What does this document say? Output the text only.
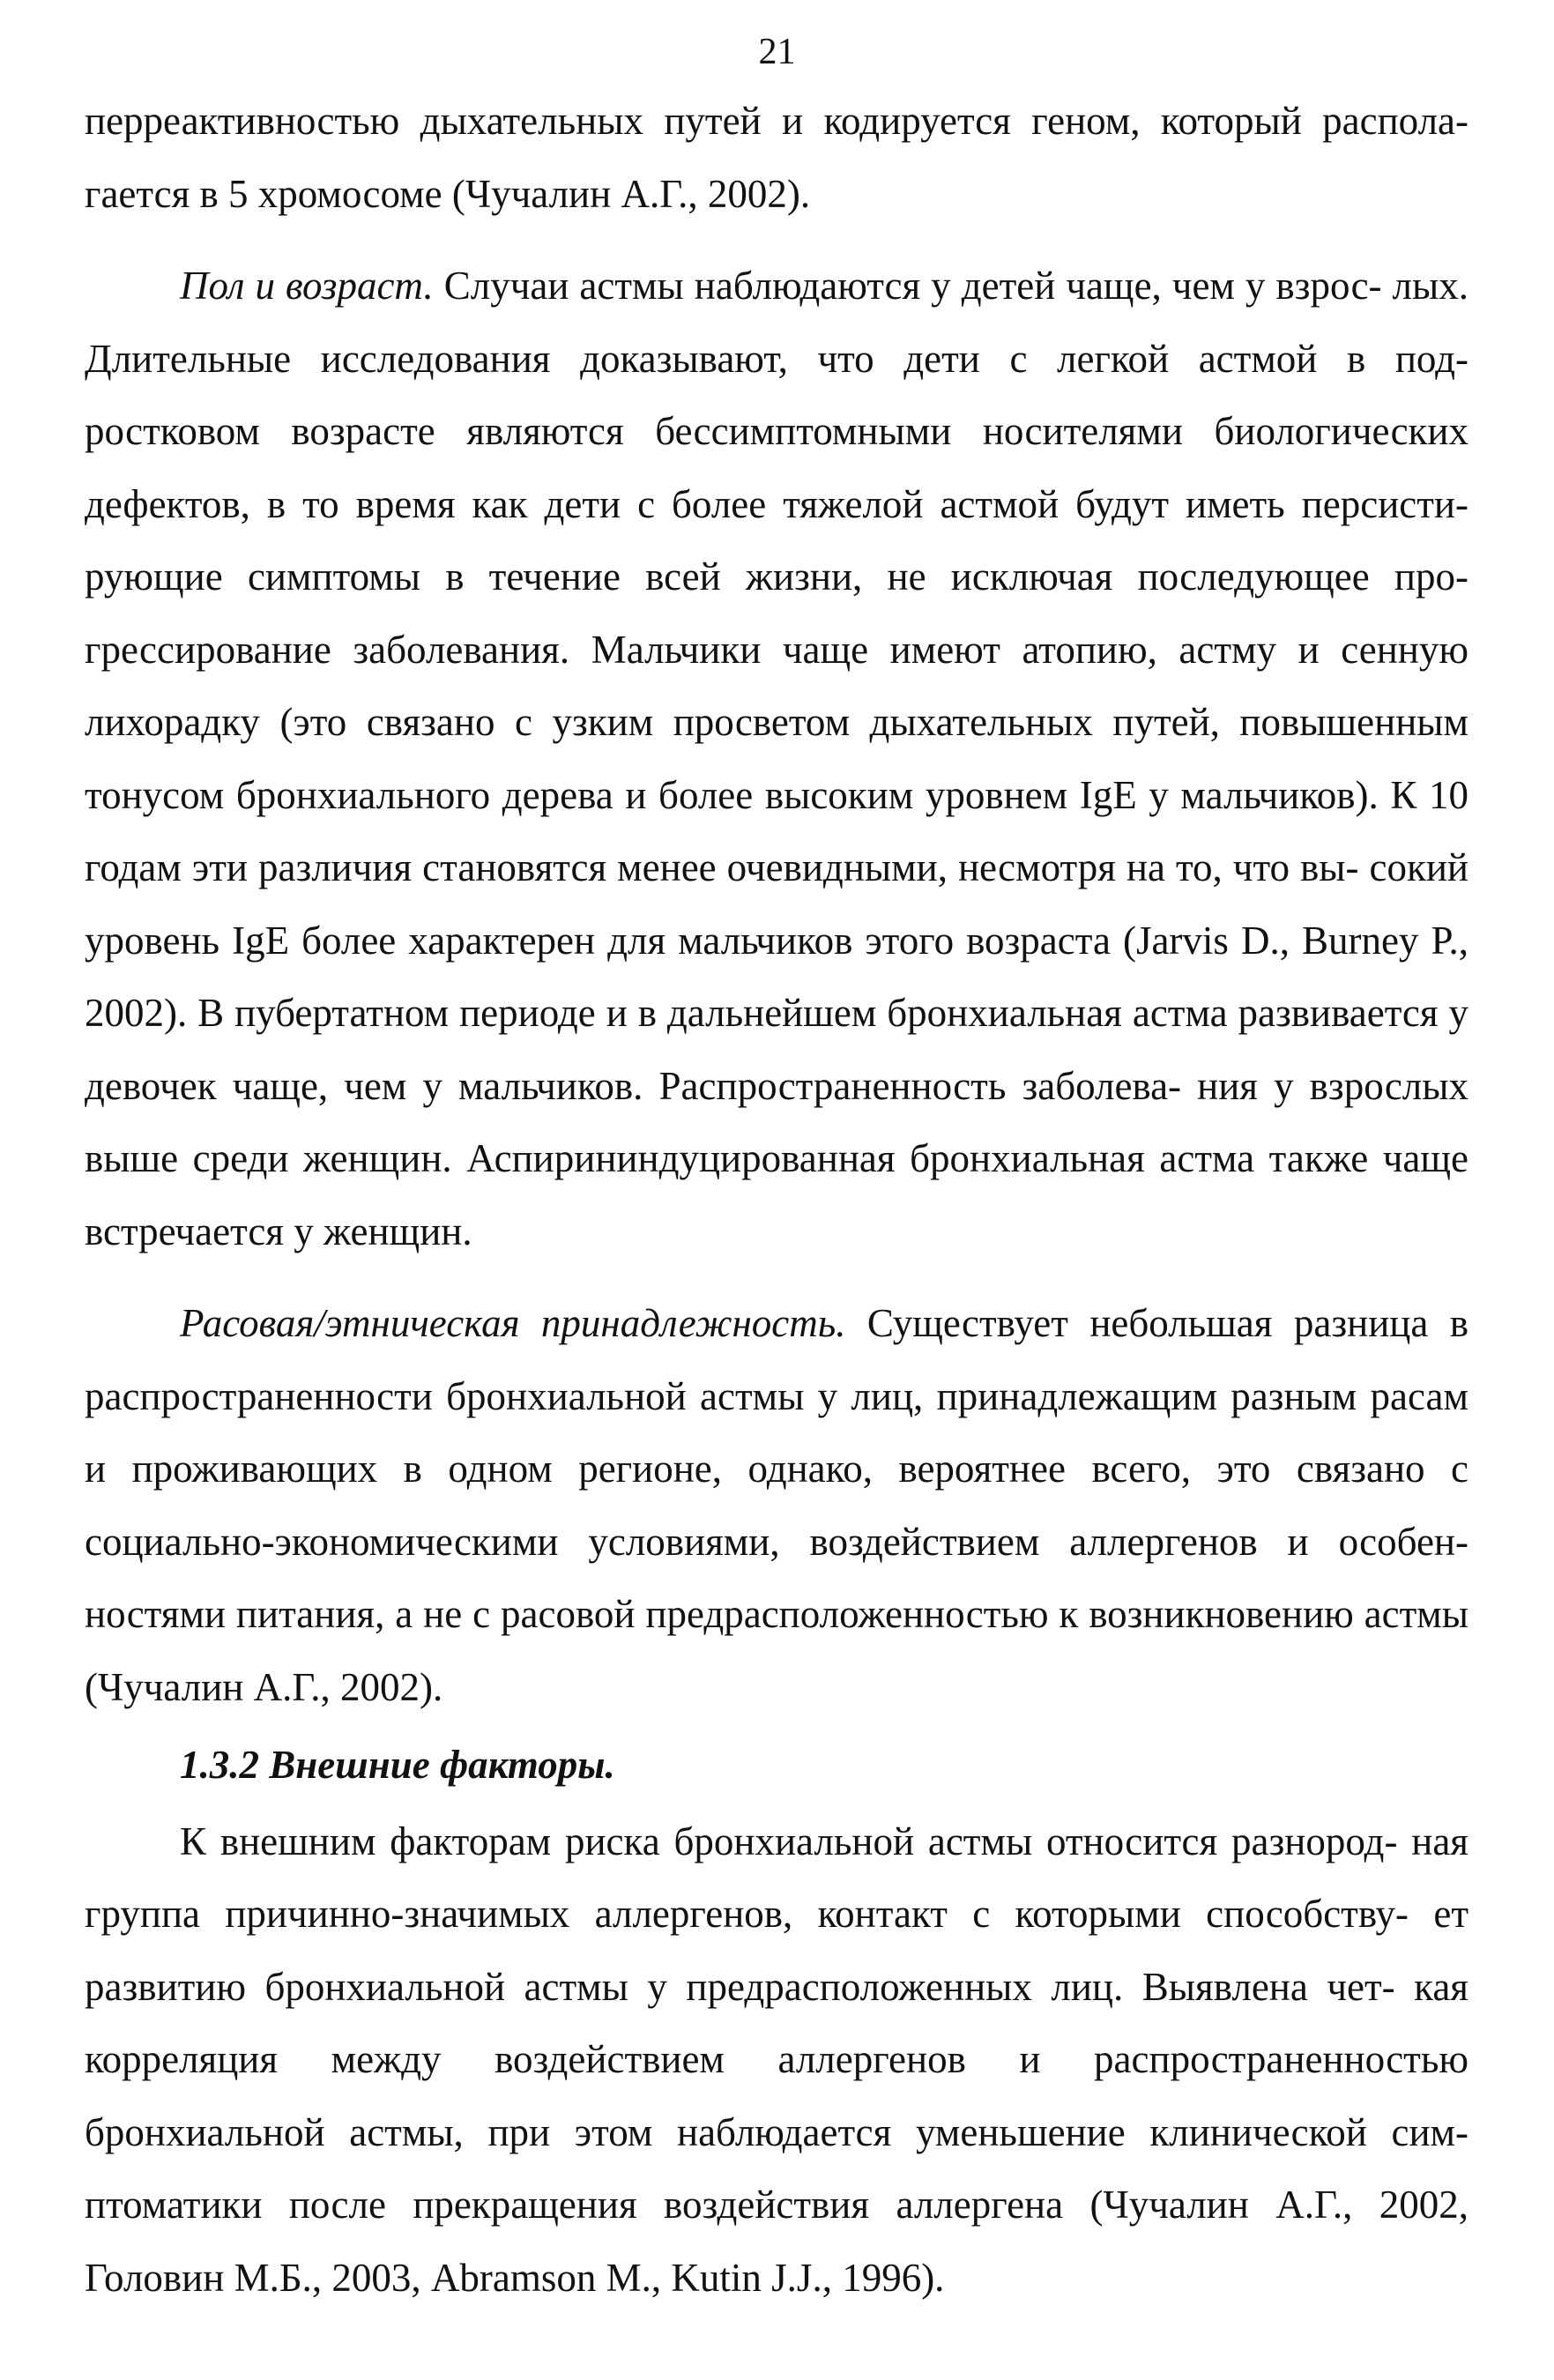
21

перреактивностью дыхательных путей и кодируется геном, который распола- гается в 5 хромосоме (Чучалин А.Г., 2002).

Пол и возраст. Случаи астмы наблюдаются у детей чаще, чем у взрос- лых. Длительные исследования доказывают, что дети с легкой астмой в под- ростковом возрасте являются бессимптомными носителями биологических дефектов, в то время как дети с более тяжелой астмой будут иметь персисти- рующие симптомы в течение всей жизни, не исключая последующее про- грессирование заболевания. Мальчики чаще имеют атопию, астму и сенную лихорадку (это связано с узким просветом дыхательных путей, повышенным тонусом бронхиального дерева и более высоким уровнем IgE у мальчиков). К 10 годам эти различия становятся менее очевидными, несмотря на то, что вы- сокий уровень IgE более характерен для мальчиков этого возраста (Jarvis D., Burney P., 2002). В пубертатном периоде и в дальнейшем бронхиальная астма развивается у девочек чаще, чем у мальчиков. Распространенность заболева- ния у взрослых выше среди женщин. Аспирининдуцированная бронхиальная астма также чаще встречается у женщин.

Расовая/этническая принадлежность. Существует небольшая разница в распространенности бронхиальной астмы у лиц, принадлежащим разным расам и проживающих в одном регионе, однако, вероятнее всего, это связано с социально-экономическими условиями, воздействием аллергенов и особен- ностями питания, а не с расовой предрасположенностью к возникновению астмы (Чучалин А.Г., 2002).

1.3.2 Внешние факторы.

К внешним факторам риска бронхиальной астмы относится разнород- ная группа причинно-значимых аллергенов, контакт с которыми способству- ет развитию бронхиальной астмы у предрасположенных лиц. Выявлена чет- кая корреляция между воздействием аллергенов и распространенностью бронхиальной астмы, при этом наблюдается уменьшение клинической сим- птоматики после прекращения воздействия аллергена (Чучалин А.Г., 2002, Головин М.Б., 2003, Abramson M., Kutin J.J., 1996).
